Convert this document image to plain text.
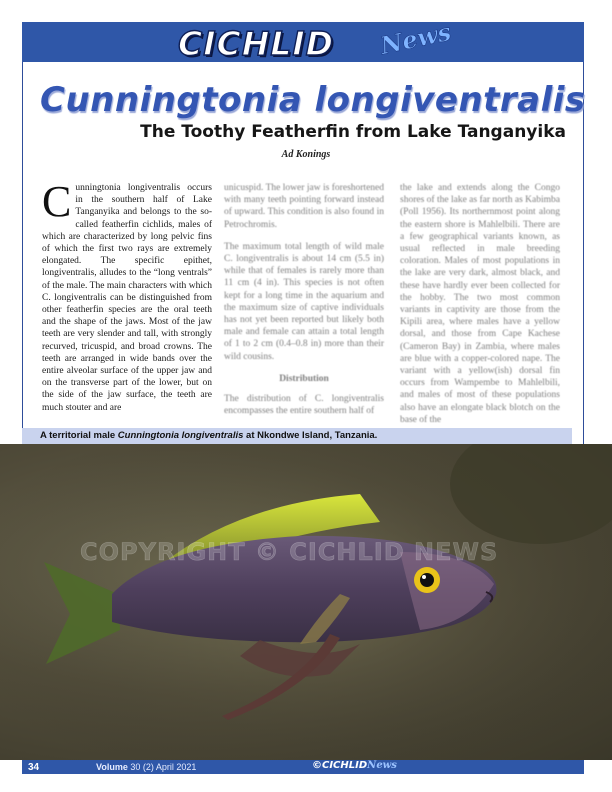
CICHLID News
Cunningtonia longiventralis
The Toothy Featherfin from Lake Tanganyika
Ad Konings

Cunningtonia longiventralis occurs in the southern half of Lake Tanganyika and belongs to the so-called featherfin cichlids, males of which are characterized by long pelvic fins of which the first two rays are extremely elongated. The specific epithet, longiventralis, alludes to the “long ventrals” of the male. The main characters with which C. longiventralis can be distinguished from other featherfin species are the oral teeth and the shape of the jaws. Most of the jaw teeth are very slender and tall, with strongly recurved, tricuspid, and broad crowns. The teeth are arranged in wide bands over the entire alveolar surface of the upper jaw and on the transverse part of the lower, but on the side of the jaw surface, the teeth are much stouter and are

unicuspid. The lower jaw is foreshortened with many teeth pointing forward instead of upward. This condition is also found in Petrochromis.

The maximum total length of wild male C. longiventralis is about 14 cm (5.5 in) while that of females is rarely more than 11 cm (4 in). This species is not often kept for a long time in the aquarium and the maximum size of captive individuals has not yet been reported but likely both male and female can attain a total length of 1 to 2 cm (0.4–0.8 in) more than their wild cousins.

Distribution

The distribution of C. longiventralis encompasses the entire southern half of

the lake and extends along the Congo shores of the lake as far north as Kabimba (Poll 1956). Its northernmost point along the eastern shore is Mahlelbili. There are a few geographical variants known, as usual reflected in male breeding coloration. Males of most populations in the lake are very dark, almost black, and these have hardly ever been collected for the hobby. The two most common variants in captivity are those from the Kipili area, where males have a yellow dorsal, and those from Cape Kachese (Cameron Bay) in Zambia, where males are blue with a copper-colored nape. The variant with a yellow(ish) dorsal fin occurs from Wampembe to Mahlelbili, and males of most of these populations also have an elongate black blotch on the base of the

A territorial male Cunningtonia longiventralis at Nkondwe Island, Tanzania.
COPYRIGHT © CICHLID NEWS
34	Volume 30 (2) April 2021	©CICHLIDNews
